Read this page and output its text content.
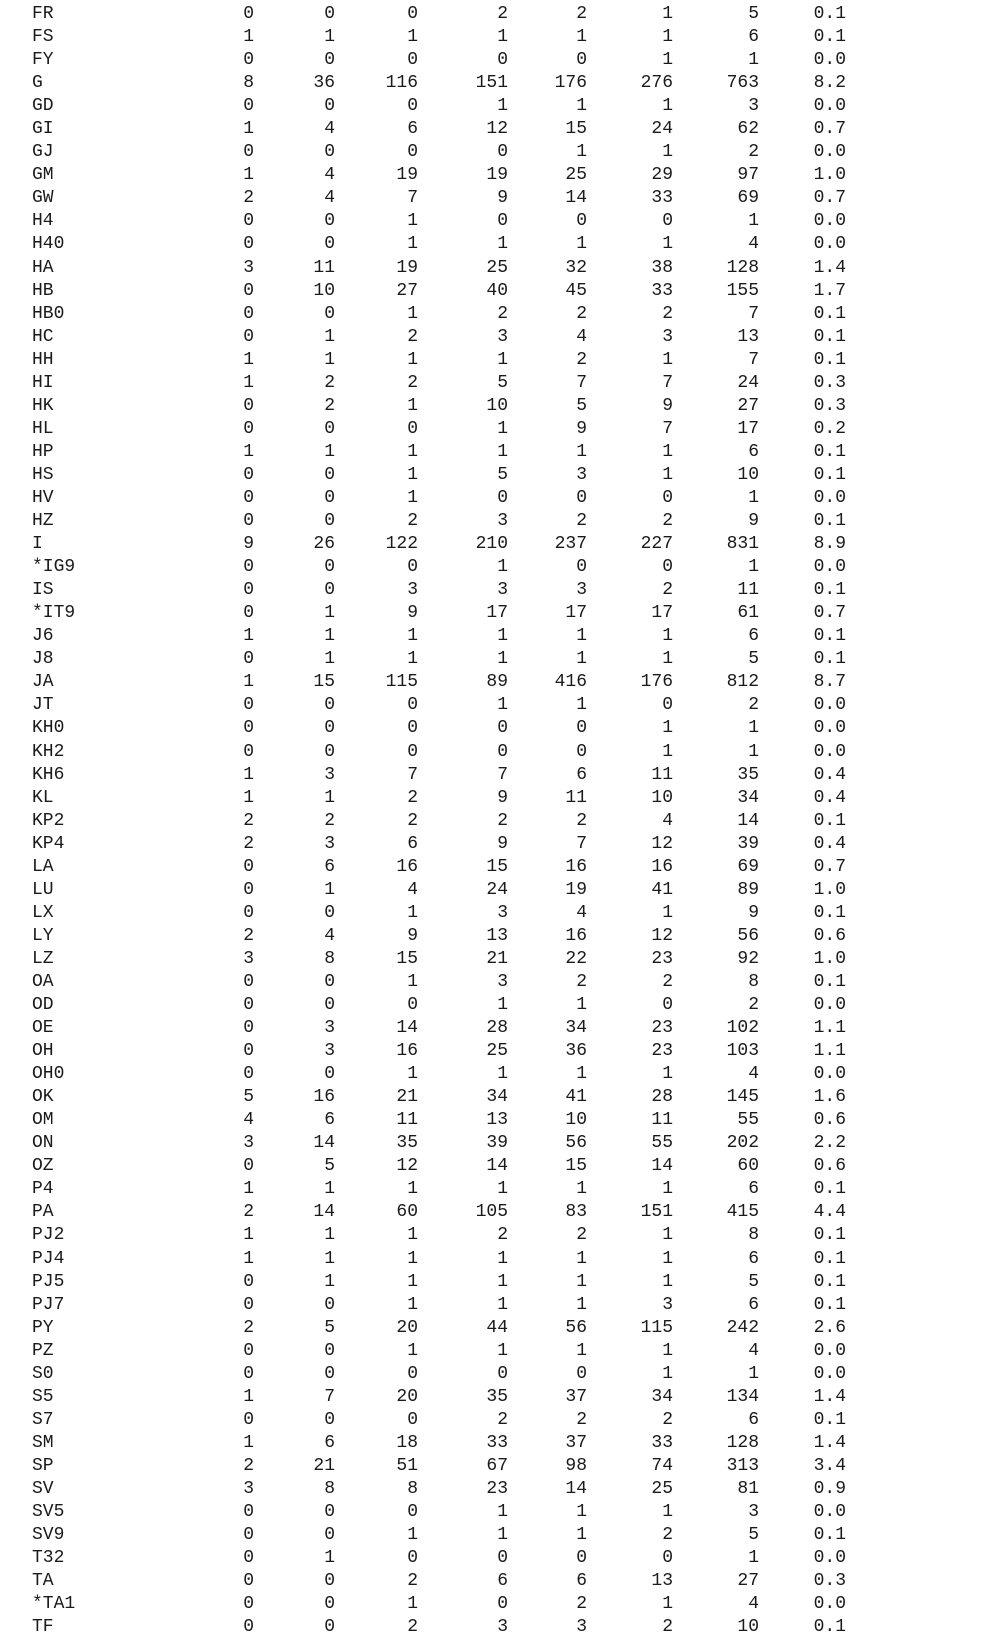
FR	0	0	0	2	2	1	5	0.1
FS	1	1	1	1	1	1	6	0.1
FY	0	0	0	0	0	1	1	0.0
G	8	36	116	151	176	276	763	8.2
GD	0	0	0	1	1	1	3	0.0
GI	1	4	6	12	15	24	62	0.7
GJ	0	0	0	0	1	1	2	0.0
GM	1	4	19	19	25	29	97	1.0
GW	2	4	7	9	14	33	69	0.7
H4	0	0	1	0	0	0	1	0.0
H40	0	0	1	1	1	1	4	0.0
HA	3	11	19	25	32	38	128	1.4
HB	0	10	27	40	45	33	155	1.7
HB0	0	0	1	2	2	2	7	0.1
HC	0	1	2	3	4	3	13	0.1
HH	1	1	1	1	2	1	7	0.1
HI	1	2	2	5	7	7	24	0.3
HK	0	2	1	10	5	9	27	0.3
HL	0	0	0	1	9	7	17	0.2
HP	1	1	1	1	1	1	6	0.1
HS	0	0	1	5	3	1	10	0.1
HV	0	0	1	0	0	0	1	0.0
HZ	0	0	2	3	2	2	9	0.1
I	9	26	122	210	237	227	831	8.9
*IG9	0	0	0	1	0	0	1	0.0
IS	0	0	3	3	3	2	11	0.1
*IT9	0	1	9	17	17	17	61	0.7
J6	1	1	1	1	1	1	6	0.1
J8	0	1	1	1	1	1	5	0.1
JA	1	15	115	89	416	176	812	8.7
JT	0	0	0	1	1	0	2	0.0
KH0	0	0	0	0	0	1	1	0.0
KH2	0	0	0	0	0	1	1	0.0
KH6	1	3	7	7	6	11	35	0.4
KL	1	1	2	9	11	10	34	0.4
KP2	2	2	2	2	2	4	14	0.1
KP4	2	3	6	9	7	12	39	0.4
LA	0	6	16	15	16	16	69	0.7
LU	0	1	4	24	19	41	89	1.0
LX	0	0	1	3	4	1	9	0.1
LY	2	4	9	13	16	12	56	0.6
LZ	3	8	15	21	22	23	92	1.0
OA	0	0	1	3	2	2	8	0.1
OD	0	0	0	1	1	0	2	0.0
OE	0	3	14	28	34	23	102	1.1
OH	0	3	16	25	36	23	103	1.1
OH0	0	0	1	1	1	1	4	0.0
OK	5	16	21	34	41	28	145	1.6
OM	4	6	11	13	10	11	55	0.6
ON	3	14	35	39	56	55	202	2.2
OZ	0	5	12	14	15	14	60	0.6
P4	1	1	1	1	1	1	6	0.1
PA	2	14	60	105	83	151	415	4.4
PJ2	1	1	1	2	2	1	8	0.1
PJ4	1	1	1	1	1	1	6	0.1
PJ5	0	1	1	1	1	1	5	0.1
PJ7	0	0	1	1	1	3	6	0.1
PY	2	5	20	44	56	115	242	2.6
PZ	0	0	1	1	1	1	4	0.0
S0	0	0	0	0	0	1	1	0.0
S5	1	7	20	35	37	34	134	1.4
S7	0	0	0	2	2	2	6	0.1
SM	1	6	18	33	37	33	128	1.4
SP	2	21	51	67	98	74	313	3.4
SV	3	8	8	23	14	25	81	0.9
SV5	0	0	0	1	1	1	3	0.0
SV9	0	0	1	1	1	2	5	0.1
T32	0	1	0	0	0	0	1	0.0
TA	0	0	2	6	6	13	27	0.3
*TA1	0	0	1	0	2	1	4	0.0
TF	0	0	2	3	3	2	10	0.1
